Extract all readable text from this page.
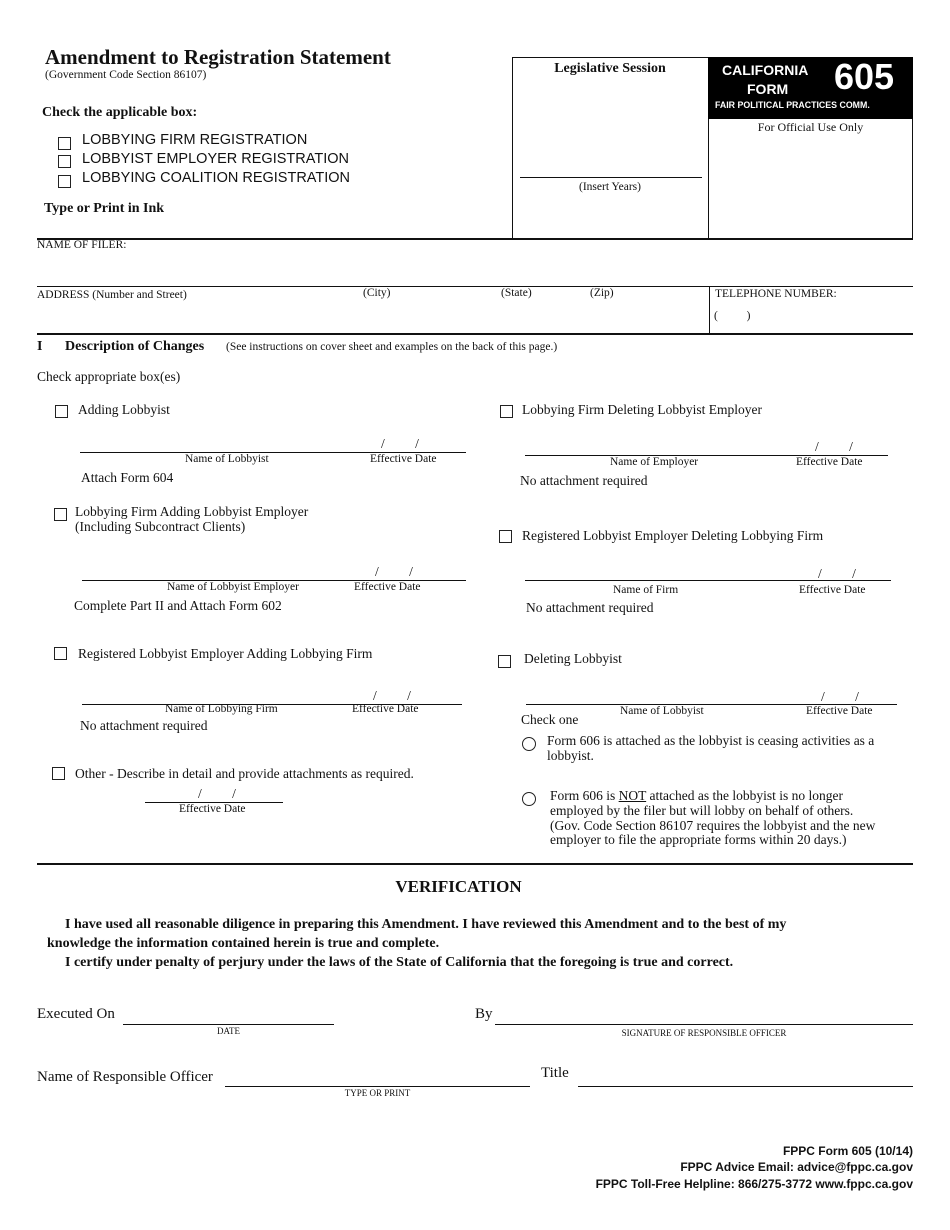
Amendment to Registration Statement
(Government Code Section 86107)
Check the applicable box:
LOBBYING FIRM REGISTRATION
LOBBYIST EMPLOYER REGISTRATION
LOBBYING COALITION REGISTRATION
Type or Print in Ink
Legislative Session
(Insert Years)
CALIFORNIA
FORM 605
FAIR POLITICAL PRACTICES COMM.
For Official Use Only
NAME OF FILER:
ADDRESS (Number and Street)	(City)	(State)	(Zip)	TELEPHONE NUMBER:
(          )
I Description of Changes (See instructions on cover sheet and examples on the back of this page.)
Check appropriate box(es)
Adding Lobbyist
/         /
Name of Lobbyist	Effective Date
Attach Form 604
Lobbying Firm Adding Lobbyist Employer
(Including Subcontract Clients)
/         /
Name of Lobbyist Employer	Effective Date
Complete Part II and Attach Form 602
Registered Lobbyist Employer Adding Lobbying Firm
/         /
Name of Lobbying Firm	Effective Date
No attachment required
Other - Describe in detail and provide attachments as required.
/         /
Effective Date
Lobbying Firm Deleting Lobbyist Employer
/         /
Name of Employer	Effective Date
No attachment required
Registered Lobbyist Employer Deleting Lobbying Firm
/         /
Name of Firm	Effective Date
No attachment required
Deleting Lobbyist
/         /
Name of Lobbyist	Effective Date
Check one
Form 606 is attached as the lobbyist is ceasing activities as a
lobbyist.
Form 606 is NOT attached as the lobbyist is no longer
employed by the filer but will lobby on behalf of others.
(Gov. Code Section 86107 requires the lobbyist and the new
employer to file the appropriate forms within 20 days.)
VERIFICATION
I have used all reasonable diligence in preparing this Amendment. I have reviewed this Amendment and to the best of my
knowledge the information contained herein is true and complete.
I certify under penalty of perjury under the laws of the State of California that the foregoing is true and correct.
Executed On
DATE
By
SIGNATURE OF RESPONSIBLE OFFICER
Name of Responsible Officer
TYPE OR PRINT
Title
FPPC Form 605 (10/14)
FPPC Advice Email: advice@fppc.ca.gov
FPPC Toll-Free Helpline: 866/275-3772 www.fppc.ca.gov
